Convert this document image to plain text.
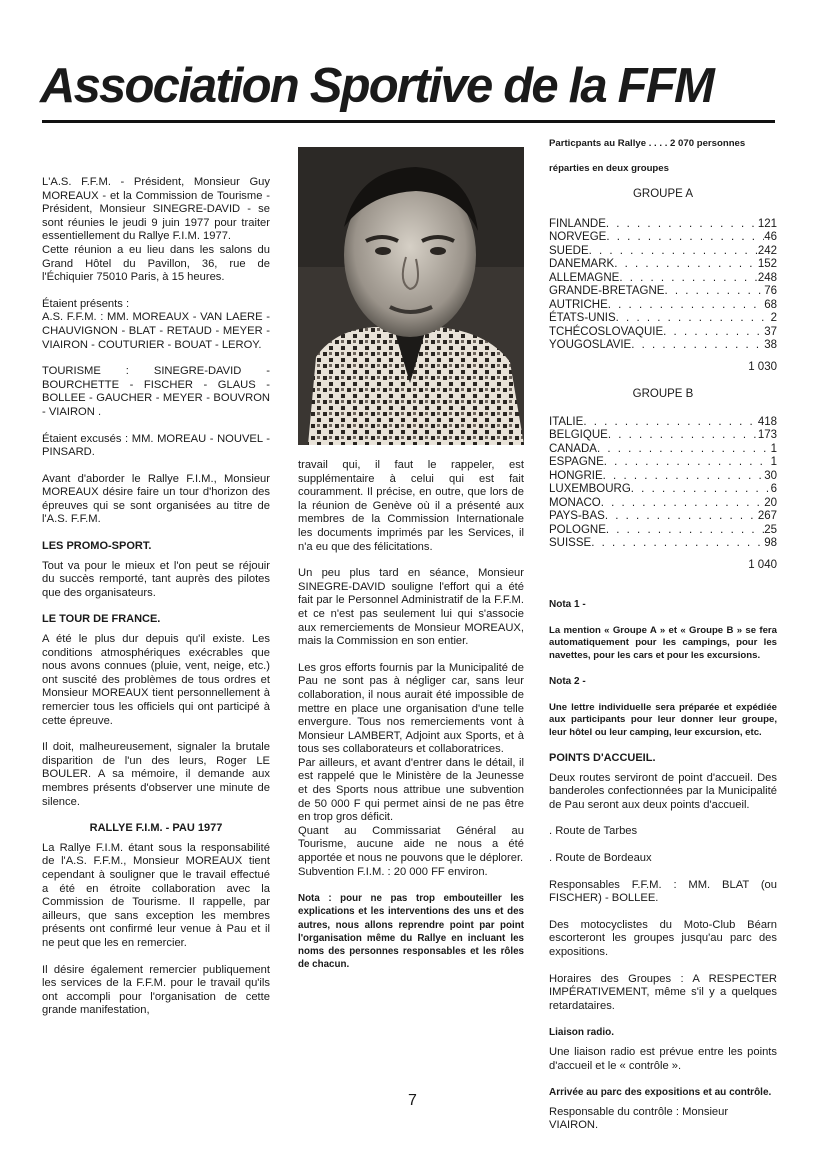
Association Sportive de la FFM

L'A.S. F.F.M. - Président, Monsieur Guy MOREAUX - et la Commission de Tourisme - Président, Monsieur SINEGRE-DAVID - se sont réunies le jeudi 9 juin 1977 pour traiter essentiellement du Rallye F.I.M. 1977.

Cette réunion a eu lieu dans les salons du Grand Hôtel du Pavillon, 36, rue de l'Échiquier 75010 Paris, à 15 heures.

Étaient présents :

A.S. F.F.M. : MM. MOREAUX - VAN LAERE - CHAUVIGNON - BLAT - RETAUD - MEYER - VIAIRON - COUTURIER - BOUAT - LEROY.

TOURISME : SINEGRE-DAVID - BOURCHETTE - FISCHER - GLAUS - BOLLEE - GAUCHER - MEYER - BOUVRON - VIAIRON .

Étaient excusés : MM. MOREAU - NOUVEL - PINSARD.

Avant d'aborder le Rallye F.I.M., Monsieur MOREAUX désire faire un tour d'horizon des épreuves qui se sont organisées au titre de l'A.S. F.F.M.

LES PROMO-SPORT.

Tout va pour le mieux et l'on peut se réjouir du succès remporté, tant auprès des pilotes que des organisateurs.

LE TOUR DE FRANCE.

A été le plus dur depuis qu'il existe. Les conditions atmosphériques exécrables que nous avons connues (pluie, vent, neige, etc.) ont suscité des problèmes de tous ordres et Monsieur MOREAUX tient personnellement à remercier tous les officiels qui ont participé à cette épreuve.

Il doit, malheureusement, signaler la brutale disparition de l'un des leurs, Roger LE BOULER. A sa mémoire, il demande aux membres présents d'observer une minute de silence.

RALLYE F.I.M. - PAU 1977

La Rallye F.I.M. étant sous la responsabilité de l'A.S. F.F.M., Monsieur MOREAUX tient cependant à souligner que le travail effectué a été en étroite collaboration avec la Commission de Tourisme. Il rappelle, par ailleurs, que sans exception les membres présents ont confirmé leur venue à Pau et il ne peut que les en remercier.

Il désire également remercier publiquement les services de la F.F.M. pour le travail qu'ils ont accompli pour l'organisation de cette grande manifestation,

travail qui, il faut le rappeler, est supplémentaire à celui qui est fait couramment. Il précise, en outre, que lors de la réunion de Genève où il a présenté aux membres de la Commission Internationale les documents imprimés par les Services, il n'a eu que des félicitations.

Un peu plus tard en séance, Monsieur SINEGRE-DAVID souligne l'effort qui a été fait par le Personnel Administratif de la F.F.M. et ce n'est pas seulement lui qui s'associe aux remerciements de Monsieur MOREAUX, mais la Commission en son entier.

Les gros efforts fournis par la Municipalité de Pau ne sont pas à négliger car, sans leur collaboration, il nous aurait été impossible de mettre en place une organisation d'une telle envergure. Tous nos remerciements vont à Monsieur LAMBERT, Adjoint aux Sports, et à tous ses collaborateurs et collaboratrices.

Par ailleurs, et avant d'entrer dans le détail, il est rappelé que le Ministère de la Jeunesse et des Sports nous attribue une subvention de 50 000 F qui permet ainsi de ne pas être en trop gros déficit.

Quant au Commissariat Général au Tourisme, aucune aide ne nous a été apportée et nous ne pouvons que le déplorer.

Subvention F.I.M. : 20 000 FF environ.

Nota : pour ne pas trop embouteiller les explications et les interventions des uns et des autres, nous allons reprendre point par point l'organisation même du Rallye en incluant les noms des personnes responsables et les rôles de chacun.

Particpants au Rallye . . . . 2 070 personnes

réparties en deux groupes

GROUPE A
FINLANDE . . .	121
NORVEGE . . .	46
SUEDE . . .	242
DANEMARK . . .	152
ALLEMAGNE . . .	248
GRANDE-BRETAGNE . . .	76
AUTRICHE . . .	68
ÉTATS-UNIS . . .	2
TCHÉCOSLOVAQUIE . . .	37
YOUGOSLAVIE . . .	38
1 030
GROUPE B
ITALIE . . .	418
BELGIQUE . . .	173
CANADA . . .	1
ESPAGNE . . .	1
HONGRIE . . .	30
LUXEMBOURG . . .	6
MONACO . . .	20
PAYS-BAS . . .	267
POLOGNE . . .	25
SUISSE . . .	98
1 040

Nota 1 -

La mention « Groupe A » et « Groupe B » se fera automatiquement pour les campings, pour les navettes, pour les cars et pour les excursions.

Nota 2 -

Une lettre individuelle sera préparée et expédiée aux participants pour leur donner leur groupe, leur hôtel ou leur camping, leur excursion, etc.

POINTS D'ACCUEIL.

Deux routes serviront de point d'accueil. Des banderoles confectionnées par la Municipalité de Pau seront aux deux points d'accueil.

. Route de Tarbes

. Route de Bordeaux

Responsables F.F.M. : MM. BLAT (ou FISCHER) - BOLLEE.

Des motocyclistes du Moto-Club Béarn escorteront les groupes jusqu'au parc des expositions.

Horaires des Groupes : A RESPECTER IMPÉRATIVEMENT, même s'il y a quelques retardataires.

Liaison radio.

Une liaison radio est prévue entre les points d'accueil et le « contrôle ».

Arrivée au parc des expositions et au contrôle.

Responsable du contrôle : Monsieur VIAIRON.

7
